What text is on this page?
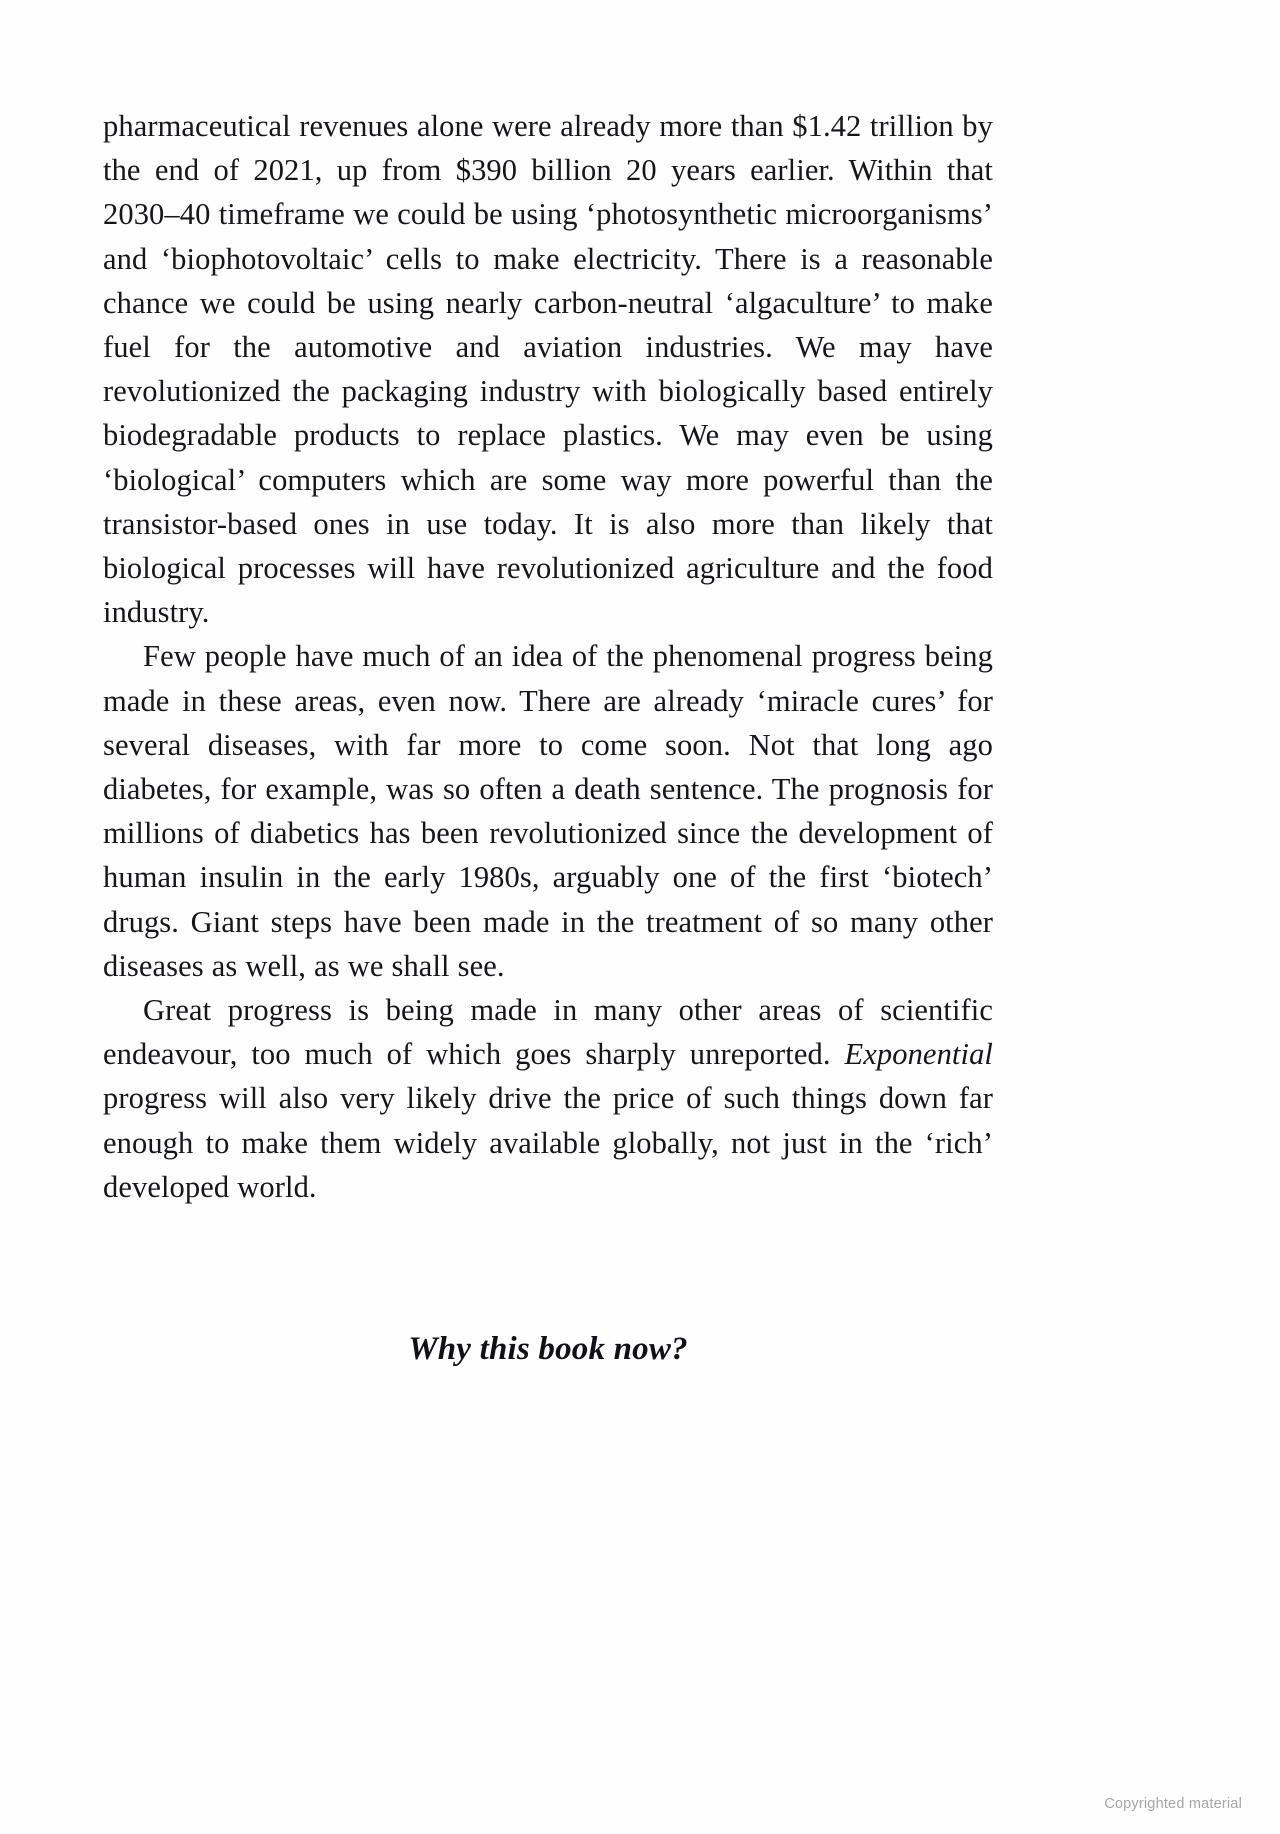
pharmaceutical revenues alone were already more than $1.42 trillion by the end of 2021, up from $390 billion 20 years earlier. Within that 2030–40 timeframe we could be using ‘photosynthetic microorganisms’ and ‘biophotovoltaic’ cells to make electricity. There is a reasonable chance we could be using nearly carbon-neutral ‘algaculture’ to make fuel for the automotive and aviation industries. We may have revolutionized the packaging industry with biologically based entirely biodegradable products to replace plastics. We may even be using ‘biological’ computers which are some way more powerful than the transistor-based ones in use today. It is also more than likely that biological processes will have revolutionized agriculture and the food industry.

Few people have much of an idea of the phenomenal progress being made in these areas, even now. There are already ‘miracle cures’ for several diseases, with far more to come soon. Not that long ago diabetes, for example, was so often a death sentence. The prognosis for millions of diabetics has been revolutionized since the development of human insulin in the early 1980s, arguably one of the first ‘biotech’ drugs. Giant steps have been made in the treatment of so many other diseases as well, as we shall see.

Great progress is being made in many other areas of scientific endeavour, too much of which goes sharply unreported. Exponential progress will also very likely drive the price of such things down far enough to make them widely available globally, not just in the ‘rich’ developed world.

Why this book now?
Copyrighted material
